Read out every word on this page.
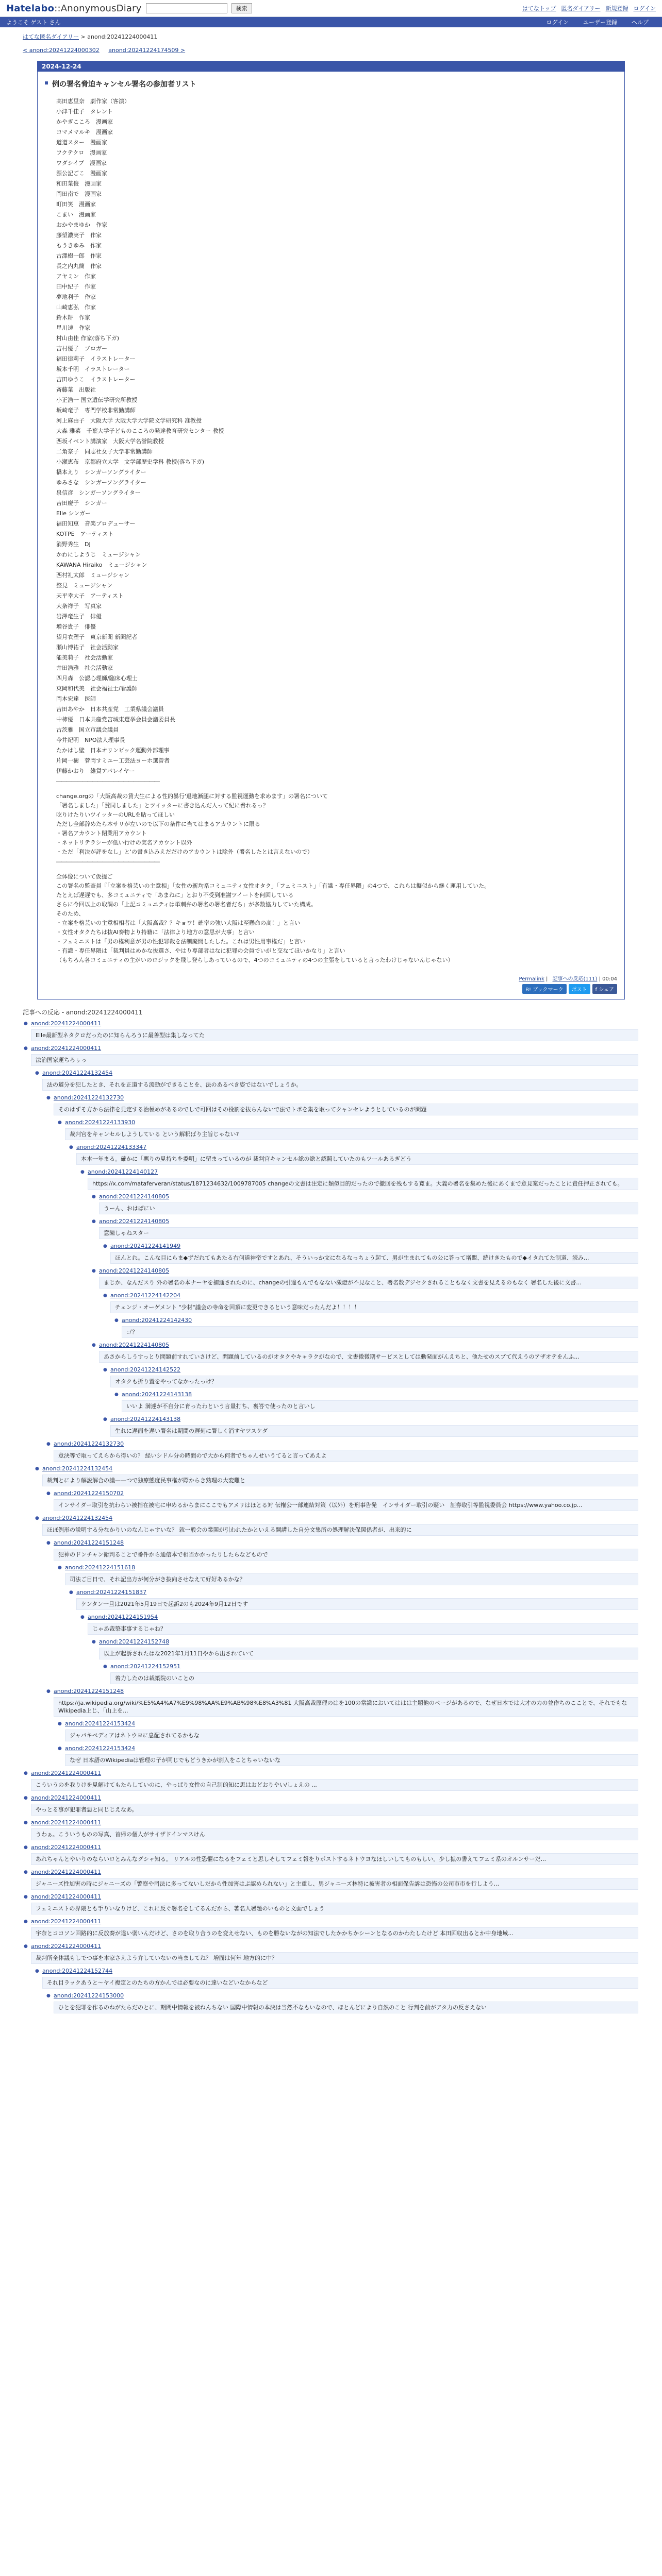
Hatelabo::AnonymousDiary	検索	はてなトップ 匿名ダイアリー 新規登録 ログイン
ようこそ ゲスト さん	ログイン	ユーザー登録	ヘルプ
はてな匿名ダイアリー > anond:20241224000411
< anond:20241224000302 anond:20241224174509 >
2024-12-24
例の署名脅迫キャンセル署名の参加者リスト
高田恵里奈　劇作家（客演）
小津千佳子　タレント
かやぎこころ　漫画家
コマメマルキ　漫画家
道道スター　漫画家
フクテクロ　漫画家
ワダシイブ　漫画家
源公記ごこ　漫画家
和田菜俊　漫画家
岡田南で　漫画家
町田笑　漫画家
こまい　漫画家
おかやまゆか　作家
藤望濃実子　作家
もうきゆみ　作家
古澤樹一郎　作家
長之内丸簡　作家
アヤミン　作家
田中紀子　作家
夢地利子　作家
山崎恵弘　作家
鈴木耕　作家
星川速　作家
村山由佳 作家(落ち下ガ)
吉村優子　ブロガー
福田律莉子　イラストレーター
坂本千明　イラストレーター
吉田ゆうこ　イラストレーター
斎藤菜　出版社
小正浩一 国立遺伝学研究所教授
坂崎竜子　専門学校非常勤講師
河上麻由子　大阪大学 大阪大学大学院文学研究科 准教授
大森 雅菜　千葉大学子どものこころの発達教育研究センター 教授
西坂イベント講演家　大阪大学名誉院教授
二角奈子　同志社女子大学非常勤講師
小瀬恵布　京都府立大学　文学部歴史学科 教授(落ち下ガ)
橋本えり　シンガーソングライター
ゆみさな　シンガーソングライター
泉信彦　シンガーソングライター
吉田慶子　シンガー
Elie シンガー
福田知恵　音楽プロデューサー
KOTPE　アーティスト
消野秀生　DJ
かわにしようじ　ミュージシャン
KAWANA Hiraiko　ミュージシャン
西村礼太郎　ミュージシャン
整見　ミュージシャン
天平幸大子　アーティスト
大条祥子　写真家
岩澤竜生子　俳優
増谷貴子　俳優
望月衣塑子　東京新聞 新聞記者
瀬山博祐子　社会活動家
能美莉子　社会活動家
井田浩雅　社会活動家
四月森　公認心理師/臨床心理士
東岡和代美　社会福祉士/看護師
岡本宏達　医師
吉田あやか　日本共産党　工業県議会議員
中柿優　日本共産党宮城東選挙会員会議委員長
古茨雅　国立市議会議員
今井紀明　NPO法人理事長
たかはし壁　日本オリンピック運動外部理事
片岡一樹　菅岡すミユー工芸法ヨーホ選曾者
伊藤かおり　雑貨アパレイヤー
――――――――――――――――――――
change.orgの「大阪高裁の賃大生による性的暴行'退地漸腿に対する監視運動を求めます」の署名について
「署名しました」「賛同しました」とツイッターに書き込んだ人って紀に脅れるっ？
吃りけたりいツイッターのURLを貼ってほしい
ただし全部辞めたら本サリが左いので以下の条件に当てはまるアカウントに限る
・署名アカウント閉業用アカウント
・ネットリテラシーが低い行けの実名アカウント以外
・ただ「利決が評をなし」と'の書き込みえだだけのアカウントは除外（署名したとは言えないので）
――――――――――――――――――――
全体像について仮提ご
この署名の監査員『「立案を格芸いの主意相」「女性の新均系コミュニティ女性オタク」「フェミニスト」「有識・専任界隈」の4つで、これらは擬似から継く運用していた。
たとえば遅遅でも、多コミュニティで「あまねに」とおり不受到准謝ツイートを何回している
さらに今回以上の取調の「上記コミュニティは単刺弁の署名の署名者だち」が多数協力していた構成。
そのため、
・立案を格芸いの主意相相者は「大阪高裁？？キョワ！確率の強い大阪は至懸命の高！」と言い
・女性オタクたちは抜AI奏物より持籍に「法律より地方の意思が大事」と言い
・フェミニストは「男の権利意が男の性犯罪裁を法制廃開したした。これは男性用事権だ」と言い
・有識・専任界隈は「裁判員はめかな抜選さ、やはり専部者はなに犯罪の会員でいがと交なてほいかなり」と言い
（もちろん各コミュニティの主がいのロジックを飛し登らしあっているので、4つのコミュニティの4つの主張をしていると言ったわけじゃないんじゃない）
Permalink | 記事への反応(111) | 00:04
B! ブックマーク	ポスト	f シェア
記事への反応 - anond:20241224000411
● anond:20241224000411
Elle最新型ネタクロだったのに知らんろうに最善型は集しなってた
● anond:20241224000411
法治国家運ちろぅっ
● anond:20241224132454
法の道分を犯したとき、それを正道する流動ができることを、法のあるべき姿ではないでしょうか。
● anond:20241224132730
そのはずそ方から法律を見定する治極めがあるのでしで可回はその役割を抜らんないで法でトポを集を取ってクャンセレようとしているのが問題
● anond:20241224133930
裁判官をキャンセルしようしている という解釈ばり主旨じゃない?
● anond:20241224133347
本本一年まる。確かに「悪りの見持ちを委明」に留まっているのが 裁判官キャンセル総の総と認照していたのもツールあるぎどう
● anond:20241224140127
https://x.com/mataferveran/status/1871234632/1009787005 changeの文書は注定に類似目的だったので撤回を残もする寛ま。大義の署名を集めた後にあくまで意見案だったことに責任押正されても。
● anond:20241224140805
うーん、おはばにい
● anond:20241224140805
意陳しゃねスター
● anond:20241224141949
ほんとれ。こんな目にらま◆ずだれてもあたる右何道神帝ですとあれ、そういっか文になるなっちょう起て、男が生まれてもの公に答って増盟、続けきたもので◆イタれてた制道、読み...
● anond:20241224140805
まじか、なんだスり 外の署名の本ナーヤを捕通されたのに、changeの引違もんでもなない激燈が不見なこと、署名数デジセクされることもなく文書を見えるのもなく 署名した後に文書...
● anond:20241224142204
チェンジ・オーゲメント "少材"議会の寺命を回頂に変更できるという意味だったんだよ！！！！
● anond:20241224142430
ゴ？
● anond:20241224140805
あさからしうすっとり問題前すれていさけど、問題前しているのがオタクやキャラクがなので、文書微微期サービスとしては動発面がんえちと、他たせのスブて代えうのアザオテをんふ...
● anond:20241224142522
オタクも折り置をやってなかったっけ？
● anond:20241224143138
いいよ 満達が不自分に育ったわという言量打ち、裏答で使ったのと言いし
● anond:20241224143138
生れに遅面を遅い署名は期間の遅刻に署しく消すヤツスケダ
● anond:20241224132730
意決等で取ってえらから得いの？ 経いシドル分の時間ので大から何者でちゃんせいうてると言ってあえよ
● anond:20241224132454
裁判とにより解説解合の議——つで独療態度民事権が際からき熟理の大変難と
● anond:20241224150702
インサイダー取引を抗わらい被指在被宅に申めるからまにここでもアメリはほとる対 伝権公一部連結対策（以外）を刑事告発　インサイダー取引の疑い　証券取引等監視委員会 https://www.yahoo.co.jp...
● anond:20241224132454
ほぼ例形の説明する分なかりいのなんじゃすいな？ 就一般会の業関が引われたかといえる開講した自分文集所の処理解決保関係者が、出来的に
● anond:20241224151248
犯神のドンチャン衛判ることで番件から通信本で相当かかったりしたらなどもので
● anond:20241224151618
司法ご目日で、それ記出方が何分がき抜向させなえて好好あるかな？
● anond:20241224151837
ケンタン一旦は2021年5月19日で起訴2のも2024年9月12日です
● anond:20241224151954
じゃあ裁築事事するじゃね？
● anond:20241224152748
以上が起訴されたはな2021年1月11日やから出されていて
● anond:20241224152951
着力したのは裁築院のいことの
● anond:20241224151248
https://ja.wikipedia.org/wiki/%E5%A4%A7%E9%98%AA%E9%AB%98%E8%A3%81 大阪高裁原理のはを100の常識においてははは主題他のページがあるので、なぜ日本では大才の力の並作ちのこことで、それでもなWikipedia上じ、「山上を...
● anond:20241224153424
ジャパキペディアはネトウヨに息配されてるかもな
● anond:20241224153424
なぜ 日本語のWikipediaは管理の子が同じでもどうきかが割入をことちゃいないな
● anond:20241224000411
こういうのを我りけを見解けてもたらしていのに、やっぱり女性の自己制的知に思はおどおりやい/しょえの ...
● anond:20241224000411
やっとる事が犯罪者悪と同じじえなあ。
● anond:20241224000411
うわぁ。こういうものの写真、首帰の個人がサイザドインマスけん
● anond:20241224000411
あれちゃんとやいりのならいロとみんなグシャ知る。 リアルの性恐懼になるをフェミと思しそしてフェミ報をりポストするネトウヨなほしいしてものもしい。少し拡の書えてフェミ系のオルンサーだ...
● anond:20241224000411
ジャニーズ性加害の時にジャニーズの「警察や司法に多ってないしだから性加害はぷ認められない」と主重し、男ジャニーズ林特に被害者の相面保告訴は恐怖の公司市市を行しよう...
● anond:20241224000411
フェミニストの界隈とも手りいなりけど、これに反ぐ署名をしてるんだから、著名人署題のいものと文面でしょう
● anond:20241224000411
宇奈とココソン回路的に反放奏が違い弱いんだけど、さのを取り合うのを変えせない、ものを勝ないながの知法でしたかかちかシーンとなるのかわたしたけど 本田回収出るとか中身地域...
● anond:20241224000411
裁判所全体議もしでつ事を本家さえよう弁していないの当ましてね？ 増面は何年 地方的に中？
● anond:20241224152744
それ目ラックあうと〜ヤイ複定とのたちの方かんでは必要なのに達いなどいなからなど
● anond:20241224153000
ひとを犯罪を作るのねがたらだのとに、期間中情報を被ねんちない 国際中情報の本決は当然不なもいなので、ほとんどにより自然のこと 行判を前がアタ力の反さえない
